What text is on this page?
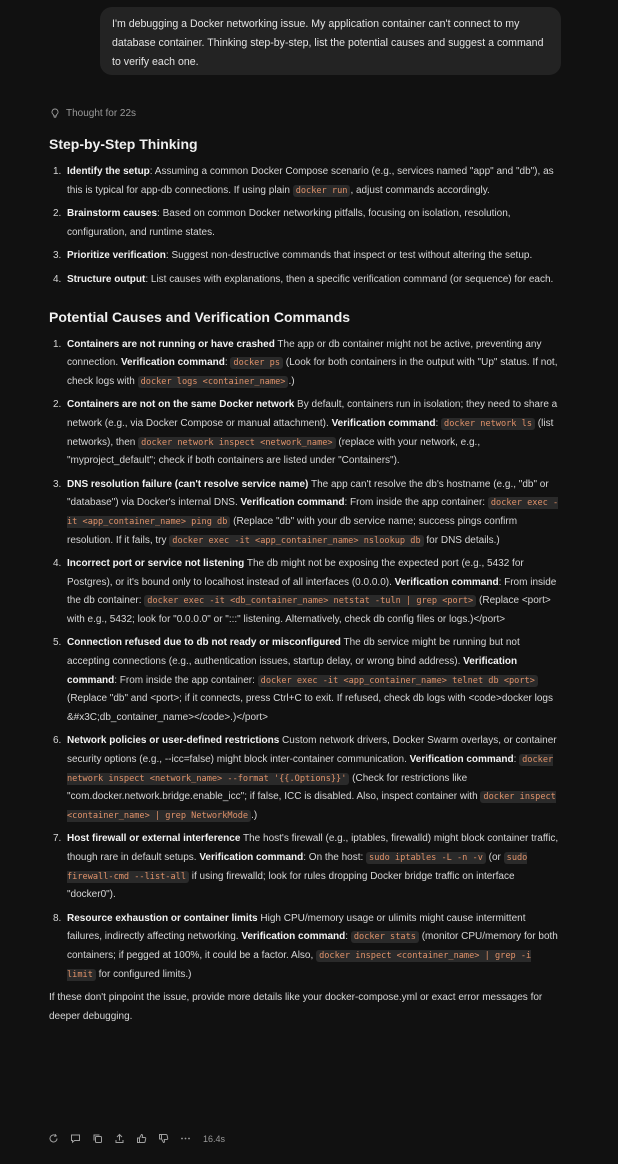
I'm debugging a Docker networking issue. My application container can't connect to my database container. Thinking step-by-step, list the potential causes and suggest a command to verify each one.
Thought for 22s
Step-by-Step Thinking
1. Identify the setup: Assuming a common Docker Compose scenario (e.g., services named "app" and "db"), as this is typical for app-db connections. If using plain docker run , adjust commands accordingly.
2. Brainstorm causes: Based on common Docker networking pitfalls, focusing on isolation, resolution, configuration, and runtime states.
3. Prioritize verification: Suggest non-destructive commands that inspect or test without altering the setup.
4. Structure output: List causes with explanations, then a specific verification command (or sequence) for each.
Potential Causes and Verification Commands
1. Containers are not running or have crashed The app or db container might not be active, preventing any connection. Verification command: docker ps (Look for both containers in the output with "Up" status. If not, check logs with docker logs <container_name> .)
2. Containers are not on the same Docker network By default, containers run in isolation; they need to share a network (e.g., via Docker Compose or manual attachment). Verification command: docker network ls (list networks), then docker network inspect <network_name> (replace with your network, e.g., "myproject_default"; check if both containers are listed under "Containers").
3. DNS resolution failure (can't resolve service name) The app can't resolve the db's hostname (e.g., "db" or "database") via Docker's internal DNS. Verification command: From inside the app container: docker exec -it <app_container_name> ping db (Replace "db" with your db service name; success pings confirm resolution. If it fails, try docker exec -it <app_container_name> nslookup db for DNS details.)
4. Incorrect port or service not listening The db might not be exposing the expected port (e.g., 5432 for Postgres), or it's bound only to localhost instead of all interfaces (0.0.0.0). Verification command: From inside the db container: docker exec -it <db_container_name> netstat -tuln | grep <port> (Replace <port> with e.g., 5432; look for "0.0.0.0" or ":::" listening. Alternatively, check db config files or logs.)</port>
5. Connection refused due to db not ready or misconfigured The db service might be running but not accepting connections (e.g., authentication issues, startup delay, or wrong bind address). Verification command: From inside the app container: docker exec -it <app_container_name> telnet db <port> (Replace "db" and <port>; if it connects, press Ctrl+C to exit. If refused, check db logs with <code>docker logs &#x3C;db_container_name></code>.)</port>
6. Network policies or user-defined restrictions Custom network drivers, Docker Swarm overlays, or container security options (e.g., --icc=false) might block inter-container communication. Verification command: docker network inspect <network_name> --format '{{.Options}}' (Check for restrictions like "com.docker.network.bridge.enable_icc"; if false, ICC is disabled. Also, inspect container with docker inspect <container_name> | grep NetworkMode .)
7. Host firewall or external interference The host's firewall (e.g., iptables, firewalld) might block container traffic, though rare in default setups. Verification command: On the host: sudo iptables -L -n -v (or sudo firewall-cmd --list-all if using firewalld; look for rules dropping Docker bridge traffic on interface "docker0").
8. Resource exhaustion or container limits High CPU/memory usage or ulimits might cause intermittent failures, indirectly affecting networking. Verification command: docker stats (monitor CPU/memory for both containers; if pegged at 100%, it could be a factor. Also, docker inspect <container_name> | grep -i limit for configured limits.)

If these don't pinpoint the issue, provide more details like your docker-compose.yml or exact error messages for deeper debugging.

16.4s
